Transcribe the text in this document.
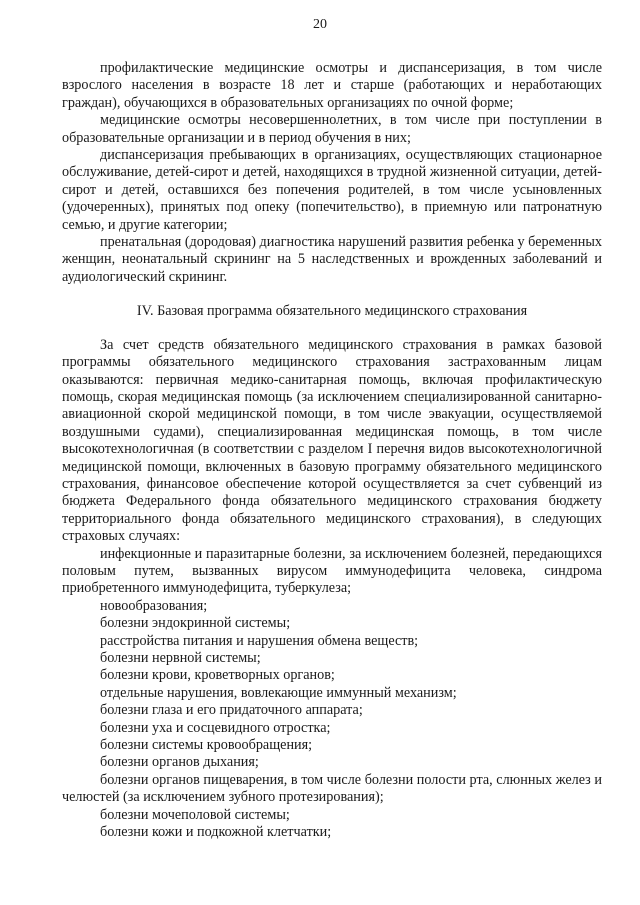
20

профилактические медицинские осмотры и диспансеризация, в том числе взрослого населения в возрасте 18 лет и старше (работающих и неработающих граждан), обучающихся в образовательных организациях по очной форме;

медицинские осмотры несовершеннолетних, в том числе при поступлении в образовательные организации и в период обучения в них;

диспансеризация пребывающих в организациях, осуществляющих стационарное обслуживание, детей-сирот и детей, находящихся в трудной жизненной ситуации, детей-сирот и детей, оставшихся без попечения родителей, в том числе усыновленных (удочеренных), принятых под опеку (попечительство), в приемную или патронатную семью, и другие категории;

пренатальная (дородовая) диагностика нарушений развития ребенка у беременных женщин, неонатальный скрининг на 5 наследственных и врожденных заболеваний и аудиологический скрининг.

IV. Базовая программа обязательного медицинского страхования

За счет средств обязательного медицинского страхования в рамках базовой программы обязательного медицинского страхования застрахованным лицам оказываются: первичная медико-санитарная помощь, включая профилактическую помощь, скорая медицинская помощь (за исключением специализированной санитарно-авиационной скорой медицинской помощи, в том числе эвакуации, осуществляемой воздушными судами), специализированная медицинская помощь, в том числе высокотехнологичная (в соответствии с разделом I перечня видов высокотехнологичной медицинской помощи, включенных в базовую программу обязательного медицинского страхования, финансовое обеспечение которой осуществляется за счет субвенций из бюджета Федерального фонда обязательного медицинского страхования бюджету территориального фонда обязательного медицинского страхования), в следующих страховых случаях:

инфекционные и паразитарные болезни, за исключением болезней, передающихся половым путем, вызванных вирусом иммунодефицита человека, синдрома приобретенного иммунодефицита, туберкулеза;

новообразования;

болезни эндокринной системы;

расстройства питания и нарушения обмена веществ;

болезни нервной системы;

болезни крови, кроветворных органов;

отдельные нарушения, вовлекающие иммунный механизм;

болезни глаза и его придаточного аппарата;

болезни уха и сосцевидного отростка;

болезни системы кровообращения;

болезни органов дыхания;

болезни органов пищеварения, в том числе болезни полости рта, слюнных желез и челюстей (за исключением зубного протезирования);

болезни мочеполовой системы;

болезни кожи и подкожной клетчатки;
